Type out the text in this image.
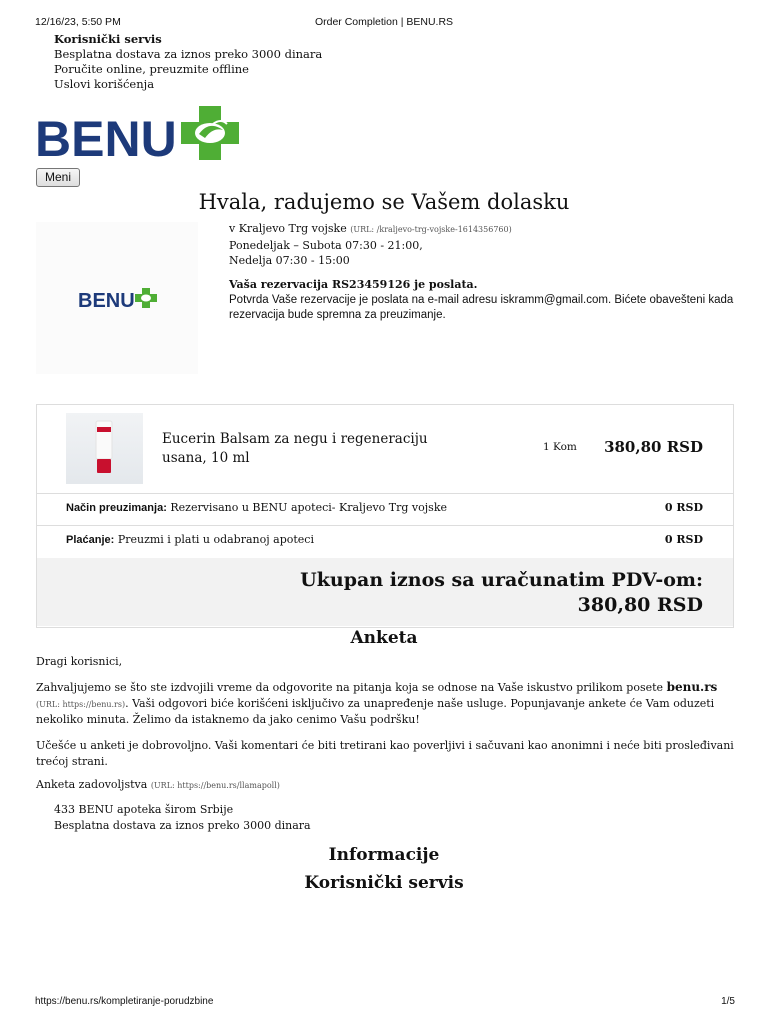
12/16/23, 5:50 PM	Order Completion | BENU.RS
Korisnički servis
Besplatna dostava za iznos preko 3000 dinara
Poručite online, preuzmite offline
Uslovi korišćenja
BENU
Meni
Hvala, radujemo se Vašem dolasku
BENU
v Kraljevo Trg vojske (URL: /kraljevo-trg-vojske-1614356760)
Ponedeljak – Subota 07:30 - 21:00,
Nedelja 07:30 - 15:00
Vaša rezervacija RS23459126 je poslata.
Potvrda Vaše rezervacije je poslata na e-mail adresu iskramm@gmail.com. Bićete obavešteni kada rezervacija bude spremna za preuzimanje.
Eucerin Balsam za negu i regeneraciju usana, 10 ml
1 Kom	380,80 RSD
Način preuzimanja: Rezervisano u BENU apoteci- Kraljevo Trg vojske	0 RSD
Plaćanje: Preuzmi i plati u odabranoj apoteci	0 RSD
Ukupan iznos sa uračunatim PDV-om:
380,80 RSD
Anketa
Dragi korisnici,
Zahvaljujemo se što ste izdvojili vreme da odgovorite na pitanja koja se odnose na Vaše iskustvo prilikom posete benu.rs (URL: https://benu.rs). Vaši odgovori biće korišćeni isključivo za unapređenje naše usluge. Popunjavanje ankete će Vam oduzeti nekoliko minuta. Želimo da istaknemo da jako cenimo Vašu podršku!
Učešće u anketi je dobrovoljno. Vaši komentari će biti tretirani kao poverljivi i sačuvani kao anonimni i neće biti prosleđivani trećoj strani.
Anketa zadovoljstva (URL: https://benu.rs/llamapoll)
433 BENU apoteka širom Srbije
Besplatna dostava za iznos preko 3000 dinara
Informacije
Korisnički servis
https://benu.rs/kompletiranje-porudzbine	1/5
